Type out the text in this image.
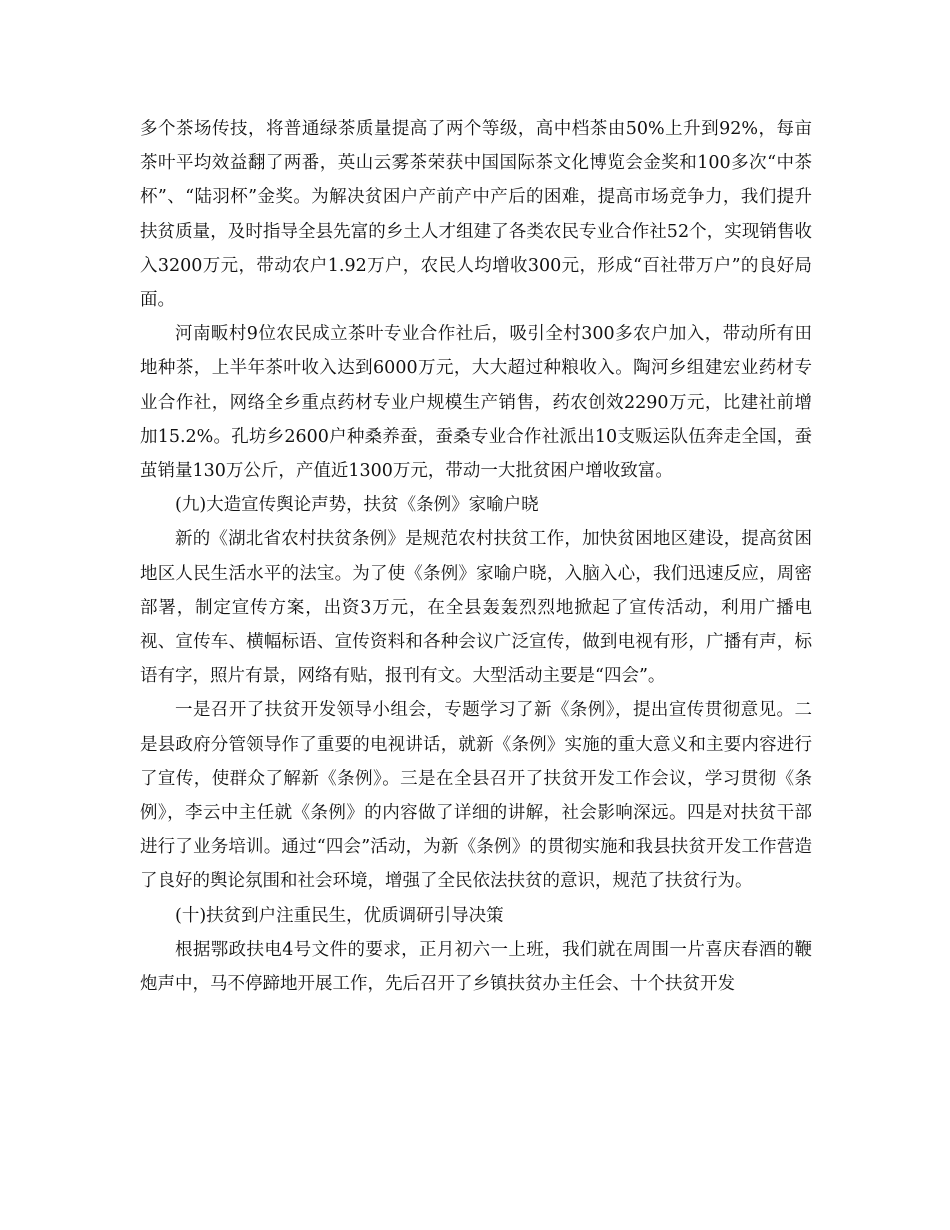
多个茶场传技，将普通绿茶质量提高了两个等级，高中档茶由50%上升到92%，每亩茶叶平均效益翻了两番，英山云雾茶荣获中国国际茶文化博览会金奖和100多次“中茶杯”、“陆羽杯”金奖。为解决贫困户产前产中产后的困难，提高市场竞争力，我们提升扶贫质量，及时指导全县先富的乡土人才组建了各类农民专业合作社52个，实现销售收入3200万元，带动农户1.92万户，农民人均增收300元，形成“百社带万户”的良好局面。

河南畈村9位农民成立茶叶专业合作社后，吸引全村300多农户加入，带动所有田地种茶，上半年茶叶收入达到6000万元，大大超过种粮收入。陶河乡组建宏业药材专业合作社，网络全乡重点药材专业户规模生产销售，药农创效2290万元，比建社前增加15.2%。孔坊乡2600户种桑养蚕，蚕桑专业合作社派出10支贩运队伍奔走全国，蚕茧销量130万公斤，产值近1300万元，带动一大批贫困户增收致富。

(九)大造宣传舆论声势，扶贫《条例》家喻户晓

新的《湖北省农村扶贫条例》是规范农村扶贫工作，加快贫困地区建设，提高贫困地区人民生活水平的法宝。为了使《条例》家喻户晓，入脑入心，我们迅速反应，周密部署，制定宣传方案，出资3万元，在全县轰轰烈烈地掀起了宣传活动，利用广播电视、宣传车、横幅标语、宣传资料和各种会议广泛宣传，做到电视有形，广播有声，标语有字，照片有景，网络有贴，报刊有文。大型活动主要是“四会”。

一是召开了扶贫开发领导小组会，专题学习了新《条例》，提出宣传贯彻意见。二是县政府分管领导作了重要的电视讲话，就新《条例》实施的重大意义和主要内容进行了宣传，使群众了解新《条例》。三是在全县召开了扶贫开发工作会议，学习贯彻《条例》，李云中主任就《条例》的内容做了详细的讲解，社会影响深远。四是对扶贫干部进行了业务培训。通过“四会”活动，为新《条例》的贯彻实施和我县扶贫开发工作营造了良好的舆论氛围和社会环境，增强了全民依法扶贫的意识，规范了扶贫行为。

(十)扶贫到户注重民生，优质调研引导决策

根据鄂政扶电4号文件的要求，正月初六一上班，我们就在周围一片喜庆春酒的鞭炮声中，马不停蹄地开展工作，先后召开了乡镇扶贫办主任会、十个扶贫开发
